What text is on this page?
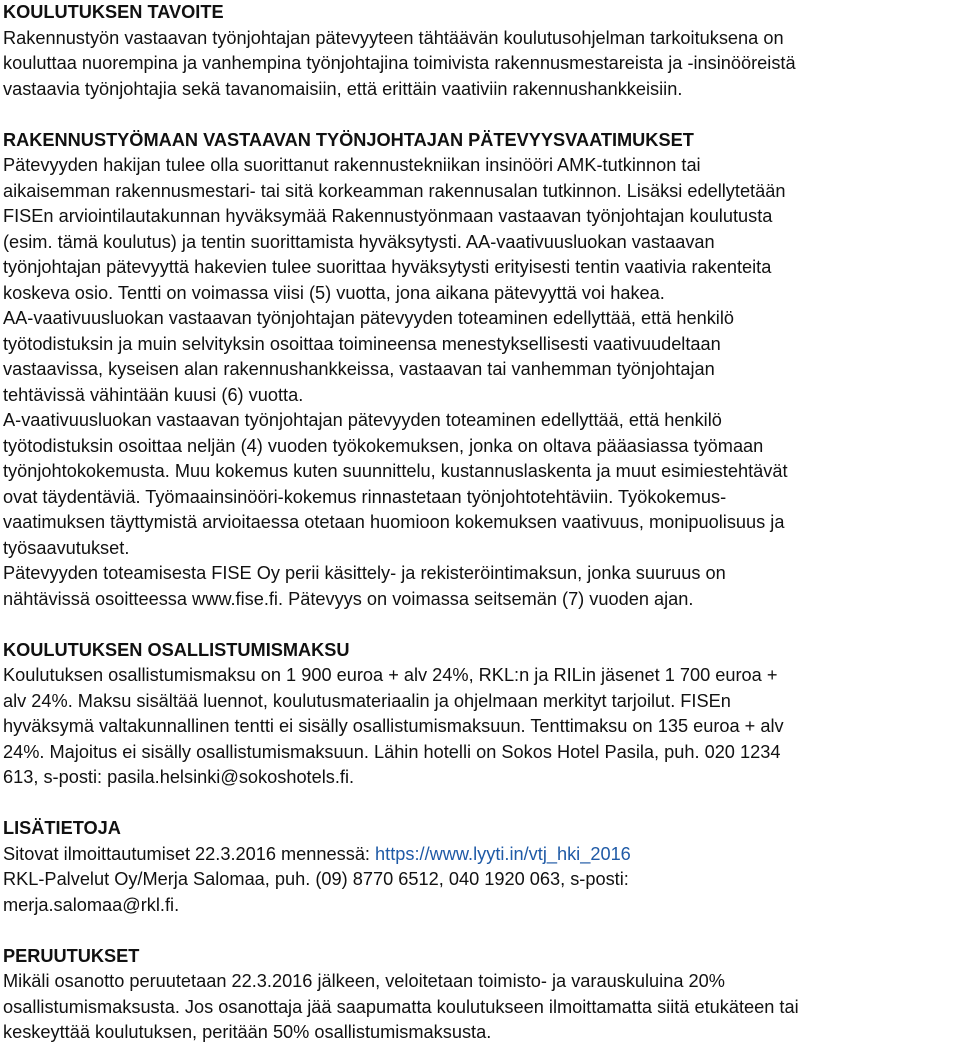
KOULUTUKSEN TAVOITE
Rakennustyön vastaavan työnjohtajan pätevyyteen tähtäävän koulutusohjelman tarkoituksena on
kouluttaa nuorempina ja vanhempina työnjohtajina toimivista rakennusmestareista ja -insinööreistä
vastaavia työnjohtajia sekä tavanomaisiin, että erittäin vaativiin rakennushankkeisiin.
RAKENNUSTYÖMAAN VASTAAVAN TYÖNJOHTAJAN PÄTEVYYSVAATIMUKSET
Pätevyyden hakijan tulee olla suorittanut rakennustekniikan insinööri AMK-tutkinnon tai
aikaisemman rakennusmestari- tai sitä korkeamman rakennusalan tutkinnon. Lisäksi edellytetään
FISEn arviointilautakunnan hyväksymää Rakennustyönmaan vastaavan työnjohtajan koulutusta
(esim. tämä koulutus) ja tentin suorittamista hyväksytysti. AA-vaativuusluokan vastaavan
työnjohtajan pätevyyttä hakevien tulee suorittaa hyväksytysti erityisesti tentin vaativia rakenteita
koskeva osio. Tentti on voimassa viisi (5) vuotta, jona aikana pätevyyttä voi hakea.
AA-vaativuusluokan vastaavan työnjohtajan pätevyyden toteaminen edellyttää, että henkilö
työtodistuksin ja muin selvityksin osoittaa toimineensa menestyksellisesti vaativuudeltaan
vastaavissa, kyseisen alan rakennushankkeissa, vastaavan tai vanhemman työnjohtajan
tehtävissä vähintään kuusi (6) vuotta.
A-vaativuusluokan vastaavan työnjohtajan pätevyyden toteaminen edellyttää, että henkilö
työtodistuksin osoittaa neljän (4) vuoden työkokemuksen, jonka on oltava pääasiassa työmaan
työnjohtokokemusta. Muu kokemus kuten suunnittelu, kustannuslaskenta ja muut esimiestehtävät
ovat täydentäviä. Työmaainsinööri-kokemus rinnastetaan työnjohtotehtäviin. Työkokemus-
vaatimuksen täyttymistä arvioitaessa otetaan huomioon kokemuksen vaativuus, monipuolisuus ja
työsaavutukset.
Pätevyyden toteamisesta FISE Oy perii käsittely- ja rekisteröintimaksun, jonka suuruus on
nähtävissä osoitteessa www.fise.fi. Pätevyys on voimassa seitsemän (7) vuoden ajan.
KOULUTUKSEN OSALLISTUMISMAKSU
Koulutuksen osallistumismaksu on 1 900 euroa + alv 24%, RKL:n ja RILin jäsenet 1 700 euroa +
alv 24%. Maksu sisältää luennot, koulutusmateriaalin ja ohjelmaan merkityt tarjoilut. FISEn
hyväksymä valtakunnallinen tentti ei sisälly osallistumismaksuun. Tenttimaksu on 135 euroa + alv
24%. Majoitus ei sisälly osallistumismaksuun. Lähin hotelli on Sokos Hotel Pasila, puh. 020 1234
613, s-posti: pasila.helsinki@sokoshotels.fi.
LISÄTIETOJA
Sitovat ilmoittautumiset 22.3.2016 mennessä: https://www.lyyti.in/vtj_hki_2016
RKL-Palvelut Oy/Merja Salomaa, puh. (09) 8770 6512, 040 1920 063, s-posti:
merja.salomaa@rkl.fi.
PERUUTUKSET
Mikäli osanotto peruutetaan 22.3.2016 jälkeen, veloitetaan toimisto- ja varauskuluina 20%
osallistumismaksusta. Jos osanottaja jää saapumatta koulutukseen ilmoittamatta siitä etukäteen tai
keskeyttää koulutuksen, peritään 50% osallistumismaksusta.
